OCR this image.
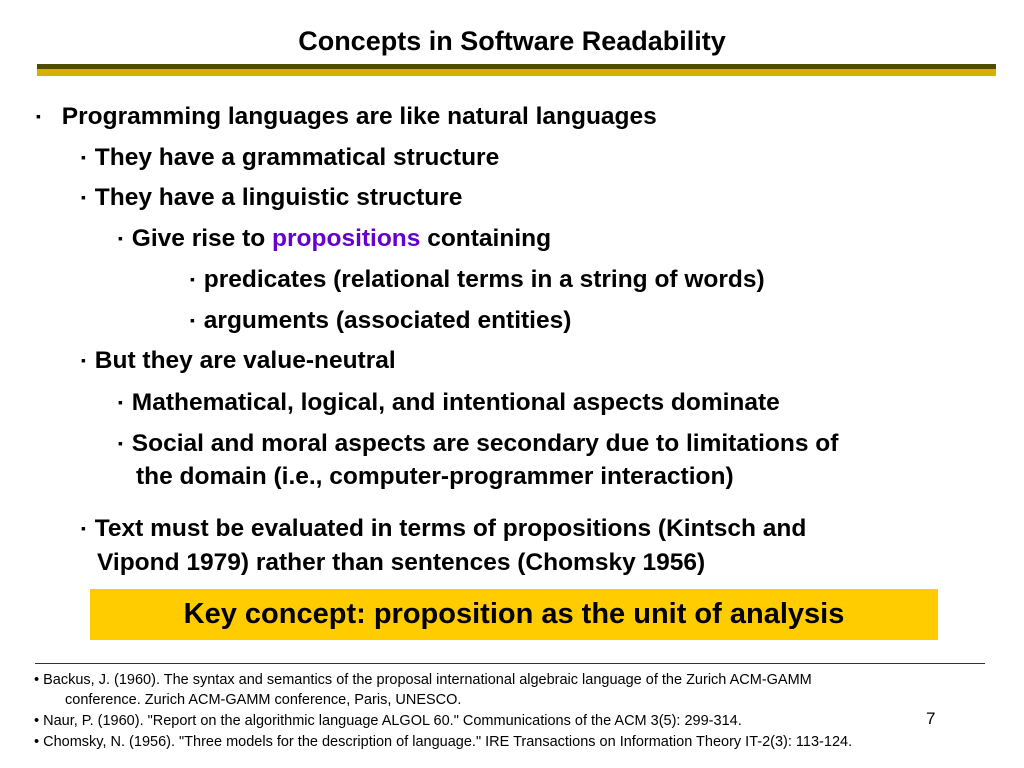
Concepts in Software Readability
▪ Programming languages are like natural languages
▪ They have a grammatical structure
▪ They have a linguistic structure
▪ Give rise to propositions containing
▪ predicates (relational terms in a string of words)
▪ arguments (associated entities)
▪ But they are value-neutral
▪ Mathematical, logical, and intentional aspects dominate
▪ Social and moral aspects are secondary due to limitations of
the domain (i.e., computer-programmer interaction)
▪ Text must be evaluated in terms of propositions (Kintsch and
Vipond 1979) rather than sentences (Chomsky 1956)
Key concept: proposition as the unit of analysis
• Backus, J. (1960). The syntax and semantics of the proposal international algebraic language of the Zurich ACM-GAMM
conference. Zurich ACM-GAMM conference, Paris, UNESCO.
• Naur, P. (1960). "Report on the algorithmic language ALGOL 60." Communications of the ACM 3(5): 299-314.
• Chomsky, N. (1956). "Three models for the description of language." IRE Transactions on Information Theory IT-2(3): 113-124.
7
